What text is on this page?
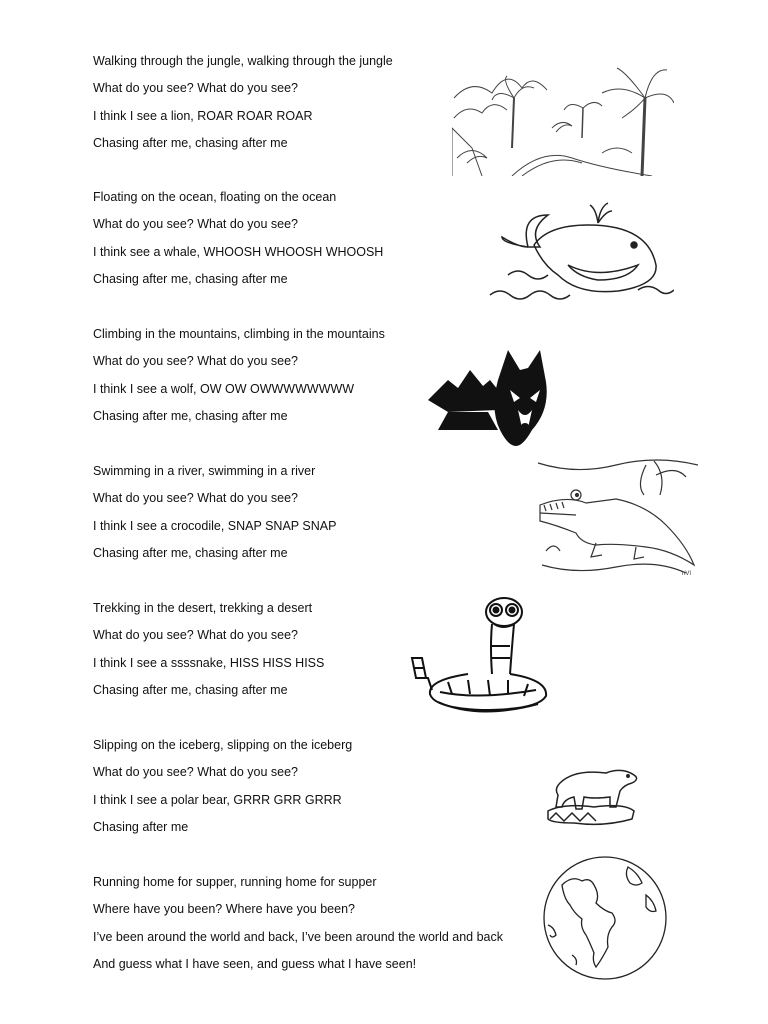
Walking through the jungle, walking through the jungle
What do you see? What do you see?
I think I see a lion, ROAR ROAR ROAR
Chasing after me, chasing after me
Floating on the ocean, floating on the ocean
What do you see? What do you see?
I think see a whale, WHOOSH WHOOSH WHOOSH
Chasing after me, chasing after me
Climbing in the mountains, climbing in the mountains
What do you see? What do you see?
I think I see a wolf, OW OW OWWWWWWWW
Chasing after me, chasing after me
Swimming in a river, swimming in a river
What do you see? What do you see?
I think I see a crocodile, SNAP SNAP SNAP
Chasing after me, chasing after me
Trekking in the desert, trekking a desert
What do you see? What do you see?
I think I see a ssssnake, HISS HISS HISS
Chasing after me, chasing after me
Slipping on the iceberg, slipping on the iceberg
What do you see? What do you see?
I think I see a polar bear, GRRR GRR GRRR
Chasing after me
Running home for supper, running home for supper
Where have you been? Where have you been?
I’ve been around the world and back, I’ve been around the world and back
And guess what I have seen, and guess what I have seen!
nVI
